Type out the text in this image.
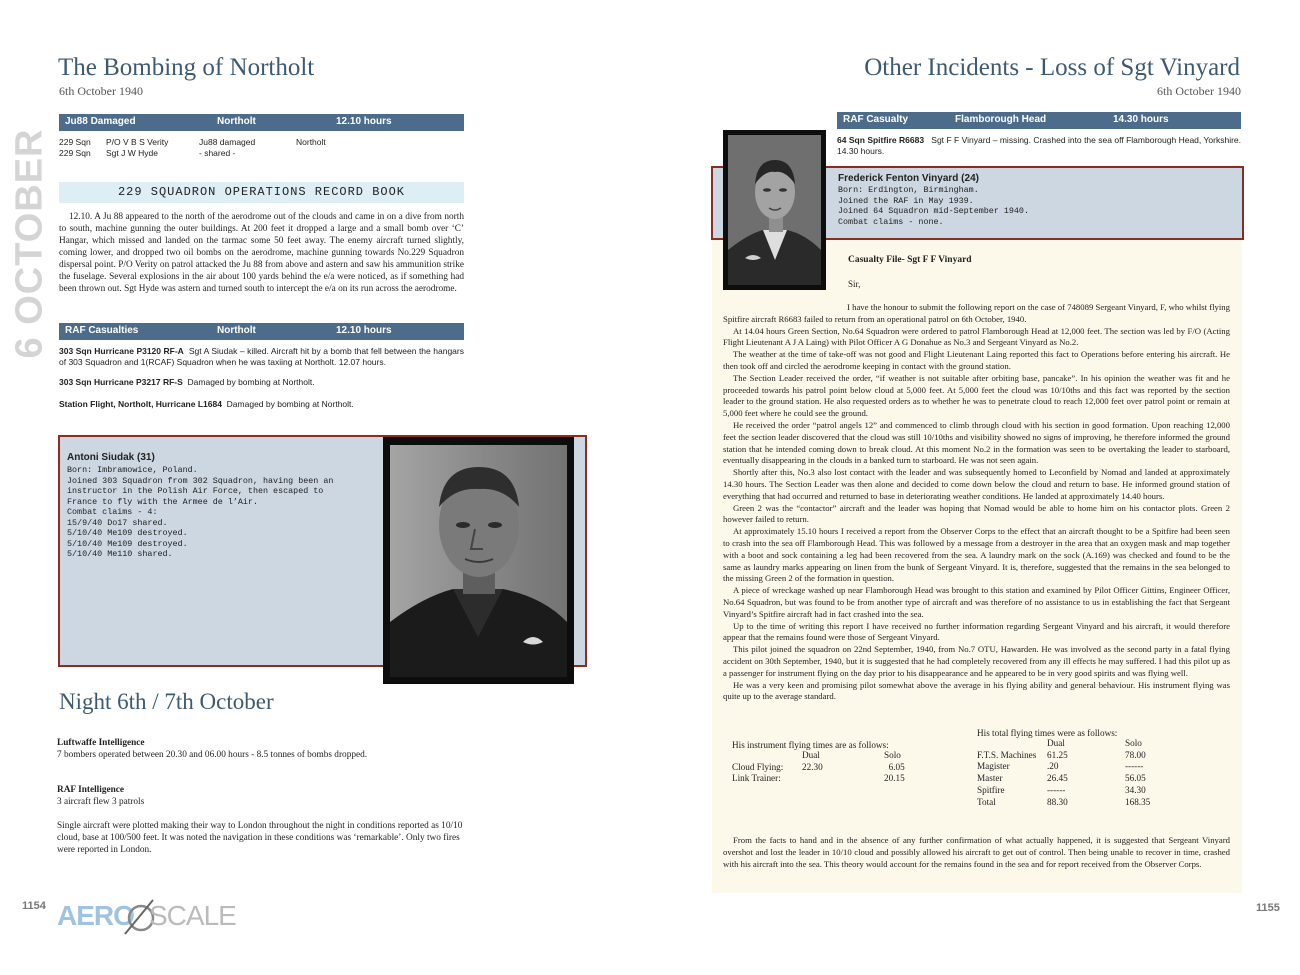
6 OCTOBER
The Bombing of Northolt
6th October 1940
Ju88 Damaged	Northolt	12.10 hours
229 Sqn P/O V B S Verity	Ju88 damaged	Northolt
229 Sqn Sgt J W Hyde	- shared -
229 SQUADRON OPERATIONS RECORD BOOK

12.10. A Ju 88 appeared to the north of the aerodrome out of the clouds and came in on a dive from north to south, machine gunning the outer buildings. At 200 feet it dropped a large and a small bomb over ‘C’ Hangar, which missed and landed on the tarmac some 50 feet away. The enemy aircraft turned slightly, coming lower, and dropped two oil bombs on the aerodrome, machine gunning towards No.229 Squadron dispersal point. P/O Verity on patrol attacked the Ju 88 from above and astern and saw his ammunition strike the fuselage. Several explosions in the air about 100 yards behind the e/a were noticed, as if something had been thrown out. Sgt Hyde was astern and turned south to intercept the e/a on its run across the aerodrome.

RAF Casualties	Northolt	12.10 hours
303 Sqn Hurricane P3120 RF-A Sgt A Siudak – killed. Aircraft hit by a bomb that fell between the hangars of 303 Squadron and 1(RCAF) Squadron when he was taxiing at Northolt. 12.07 hours.
303 Sqn Hurricane P3217 RF-S Damaged by bombing at Northolt.
Station Flight, Northolt, Hurricane L1684 Damaged by bombing at Northolt.
Antoni Siudak (31)
Born: Imbramowice, Poland.
Joined 303 Squadron from 302 Squadron, having been an
instructor in the Polish Air Force, then escaped to
France to fly with the Armee de l’Air.
Combat claims - 4:
15/9/40 Do17 shared.
5/10/40 Me109 destroyed.
5/10/40 Me109 destroyed.
5/10/40 Me110 shared.
Night 6th / 7th October
Luftwaffe Intelligence
7 bombers operated between 20.30 and 06.00 hours - 8.5 tonnes of bombs dropped.
RAF Intelligence
3 aircraft flew 3 patrols
Single aircraft were plotted making their way to London throughout the night in conditions reported as 10/10 cloud, base at 100/500 feet. It was noted the navigation in these conditions was ‘remarkable’. Only two fires were reported in London.
1154 AERO SCALE
Other Incidents - Loss of Sgt Vinyard
6th October 1940
RAF Casualty	Flamborough Head	14.30 hours
64 Sqn Spitfire R6683 Sgt F F Vinyard – missing. Crashed into the sea off Flamborough Head, Yorkshire. 14.30 hours.
Frederick Fenton Vinyard (24)
Born: Erdington, Birmingham.
Joined the RAF in May 1939.
Joined 64 Squadron mid-September 1940.
Combat claims - none.
Casualty File- Sgt F F Vinyard
Sir,

I have the honour to submit the following report on the case of 748089 Sergeant Vinyard, F, who whilst flying Spitfire aircraft R6683 failed to return from an operational patrol on 6th October, 1940.

At 14.04 hours Green Section, No.64 Squadron were ordered to patrol Flamborough Head at 12,000 feet. The section was led by F/O (Acting Flight Lieutenant A J A Laing) with Pilot Officer A G Donahue as No.3 and Sergeant Vinyard as No.2.

The weather at the time of take-off was not good and Flight Lieutenant Laing reported this fact to Operations before entering his aircraft. He then took off and circled the aerodrome keeping in contact with the ground station.

The Section Leader received the order, “if weather is not suitable after orbiting base, pancake”. In his opinion the weather was fit and he proceeded towards his patrol point below cloud at 5,000 feet. At 5,000 feet the cloud was 10/10ths and this fact was reported by the section leader to the ground station. He also requested orders as to whether he was to penetrate cloud to reach 12,000 feet over patrol point or remain at 5,000 feet where he could see the ground.

He received the order “patrol angels 12” and commenced to climb through cloud with his section in good formation. Upon reaching 12,000 feet the section leader discovered that the cloud was still 10/10ths and visibility showed no signs of improving, he therefore informed the ground station that he intended coming down to break cloud. At this moment No.2 in the formation was seen to be overtaking the leader to starboard, eventually disappearing in the clouds in a banked turn to starboard. He was not seen again.

Shortly after this, No.3 also lost contact with the leader and was subsequently homed to Leconfield by Nomad and landed at approximately 14.30 hours. The Section Leader was then alone and decided to come down below the cloud and return to base. He informed ground station of everything that had occurred and returned to base in deteriorating weather conditions. He landed at approximately 14.40 hours.

Green 2 was the “contactor” aircraft and the leader was hoping that Nomad would be able to home him on his contactor plots. Green 2 however failed to return.

At approximately 15.10 hours I received a report from the Observer Corps to the effect that an aircraft thought to be a Spitfire had been seen to crash into the sea off Flamborough Head. This was followed by a message from a destroyer in the area that an oxygen mask and map together with a boot and sock containing a leg had been recovered from the sea. A laundry mark on the sock (A.169) was checked and found to be the same as laundry marks appearing on linen from the bunk of Sergeant Vinyard. It is, therefore, suggested that the remains in the sea belonged to the missing Green 2 of the formation in question.

A piece of wreckage washed up near Flamborough Head was brought to this station and examined by Pilot Officer Gittins, Engineer Officer, No.64 Squadron, but was found to be from another type of aircraft and was therefore of no assistance to us in establishing the fact that Sergeant Vinyard’s Spitfire aircraft had in fact crashed into the sea.

Up to the time of writing this report I have received no further information regarding Sergeant Vinyard and his aircraft, it would therefore appear that the remains found were those of Sergeant Vinyard.

This pilot joined the squadron on 22nd September, 1940, from No.7 OTU, Hawarden. He was involved as the second party in a fatal flying accident on 30th September, 1940, but it is suggested that he had completely recovered from any ill effects he may suffered. I had this pilot up as a passenger for instrument flying on the day prior to his disappearance and he appeared to be in very good spirits and was flying well.

He was a very keen and promising pilot somewhat above the average in his flying ability and general behaviour. His instrument flying was quite up to the average standard.

His instrument flying times are as follows:
	Dual	Solo
Cloud Flying:	22.30	6.05
Link Trainer:		20.15
His total flying times were as follows:
	Dual	Solo
F.T.S. Machines	61.25	78.00
Magister	.20	------
Master	26.45	56.05
Spitfire	------	34.30
Total	88.30	168.35

From the facts to hand and in the absence of any further confirmation of what actually happened, it is suggested that Sergeant Vinyard overshot and lost the leader in 10/10 cloud and possibly allowed his aircraft to get out of control. Then being unable to recover in time, crashed with his aircraft into the sea. This theory would account for the remains found in the sea and for report received from the Observer Corps.

1155
